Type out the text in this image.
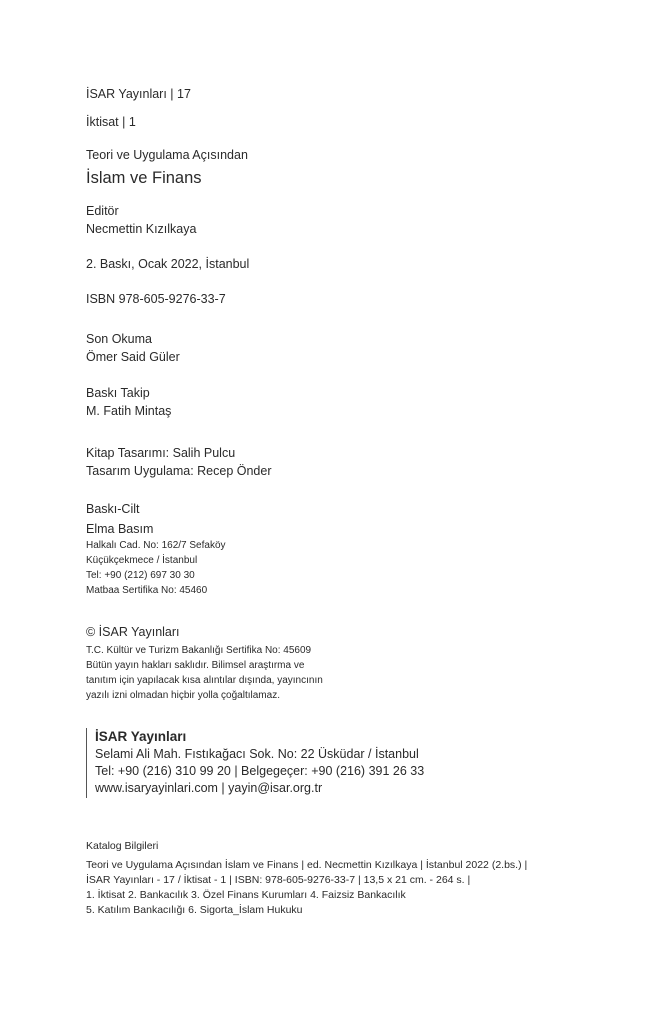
İSAR Yayınları | 17

İktisat | 1

Teori ve Uygulama Açısından

İslam ve Finans

Editör

Necmettin Kızılkaya

2. Baskı, Ocak 2022, İstanbul

ISBN 978-605-9276-33-7

Son Okuma

Ömer Said Güler

Baskı Takip

M. Fatih Mintaş

Kitap Tasarımı: Salih Pulcu

Tasarım Uygulama: Recep Önder

Baskı-Cilt

Elma Basım

Halkalı Cad. No: 162/7 Sefaköy
Küçükçekmece / İstanbul
Tel: +90 (212) 697 30 30
Matbaa Sertifika No: 45460

© İSAR Yayınları

T.C. Kültür ve Turizm Bakanlığı Sertifika No: 45609
Bütün yayın hakları saklıdır. Bilimsel araştırma ve
tanıtım için yapılacak kısa alıntılar dışında, yayıncının
yazılı izni olmadan hiçbir yolla çoğaltılamaz.
İSAR Yayınları
Selami Ali Mah. Fıstıkağacı Sok. No: 22 Üsküdar / İstanbul
Tel: +90 (216) 310 99 20 | Belgegeçer: +90 (216) 391 26 33
www.isaryayinlari.com | yayin@isar.org.tr

Katalog Bilgileri

Teori ve Uygulama Açısından İslam ve Finans | ed. Necmettin Kızılkaya | İstanbul 2022 (2.bs.) |
İSAR Yayınları - 17 / İktisat - 1 | ISBN: 978-605-9276-33-7 | 13,5 x 21 cm. - 264 s. |
1. İktisat 2. Bankacılık 3. Özel Finans Kurumları 4. Faizsiz Bankacılık
5. Katılım Bankacılığı 6. Sigorta_İslam Hukuku
